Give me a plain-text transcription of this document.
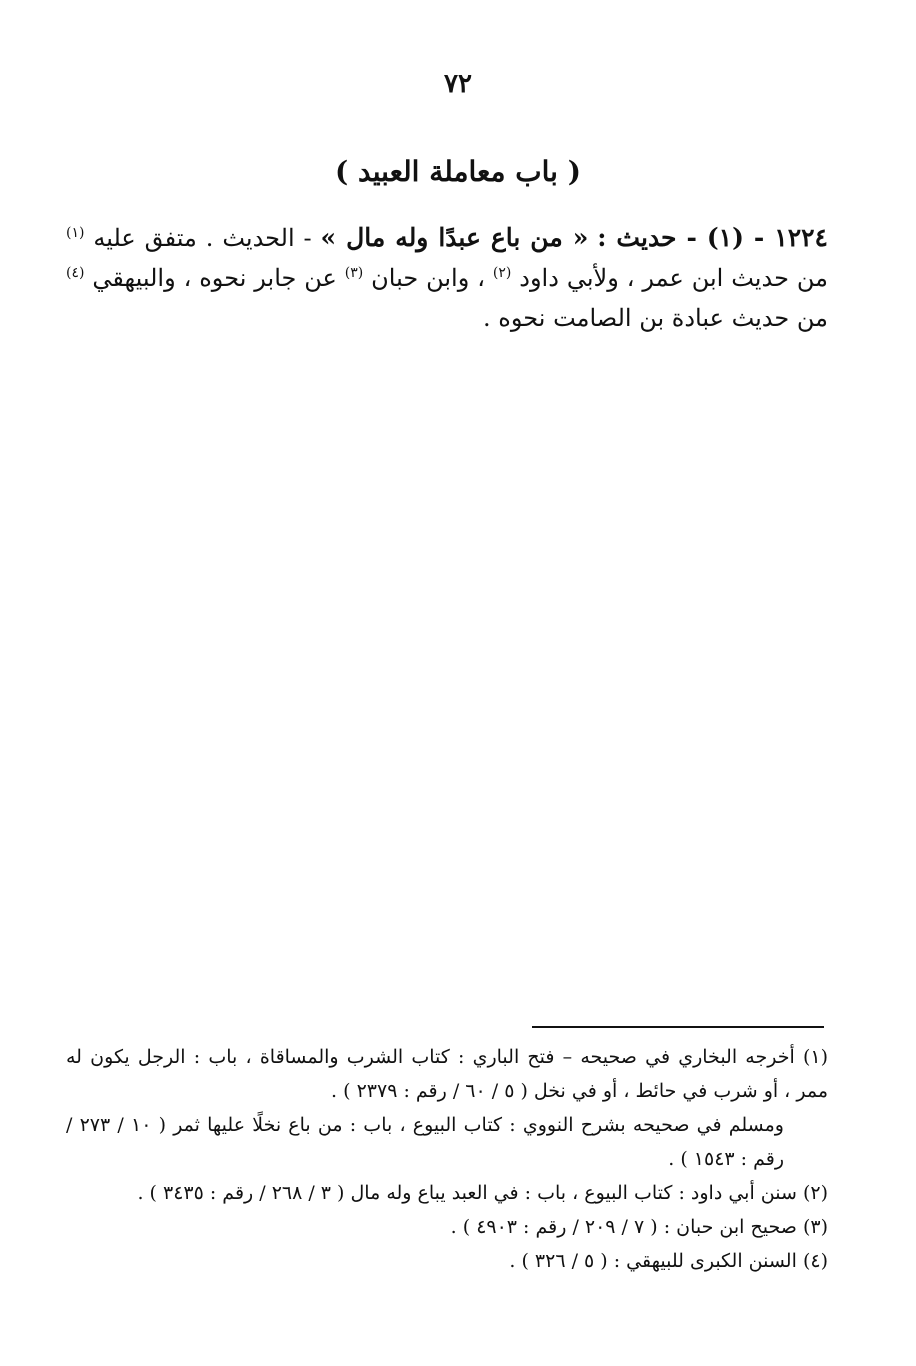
٧٢
( باب معاملة العبيد )
١٢٢٤ - (١) - حديث : « من باع عبدًا وله مال » - الحديث . متفق عليه $^{(١)}$ من حديث ابن عمر ، ولأبي داود $^{(٢)}$ ، وابن حبان $^{(٣)}$ عن جابر نحوه ، والبيهقي $^{(٤)}$ من حديث عبادة بن الصامت نحوه .
(١) أخرجه البخاري في صحيحه – فتح الباري : كتاب الشرب والمساقاة ، باب : الرجل يكون له ممر ، أو شرب في حائط ، أو في نخل ( ٥ / ٦٠ / رقم : ٢٣٧٩ ) .
ومسلم في صحيحه بشرح النووي : كتاب البيوع ، باب : من باع نخلًا عليها ثمر ( ١٠ / ٢٧٣ / رقم : ١٥٤٣ ) .
(٢) سنن أبي داود : كتاب البيوع ، باب : في العبد يباع وله مال ( ٣ / ٢٦٨ / رقم : ٣٤٣٥ ) .
(٣) صحيح ابن حبان : ( ٧ / ٢٠٩ / رقم : ٤٩٠٣ ) .
(٤) السنن الكبرى للبيهقي : ( ٥ / ٣٢٦ ) .
